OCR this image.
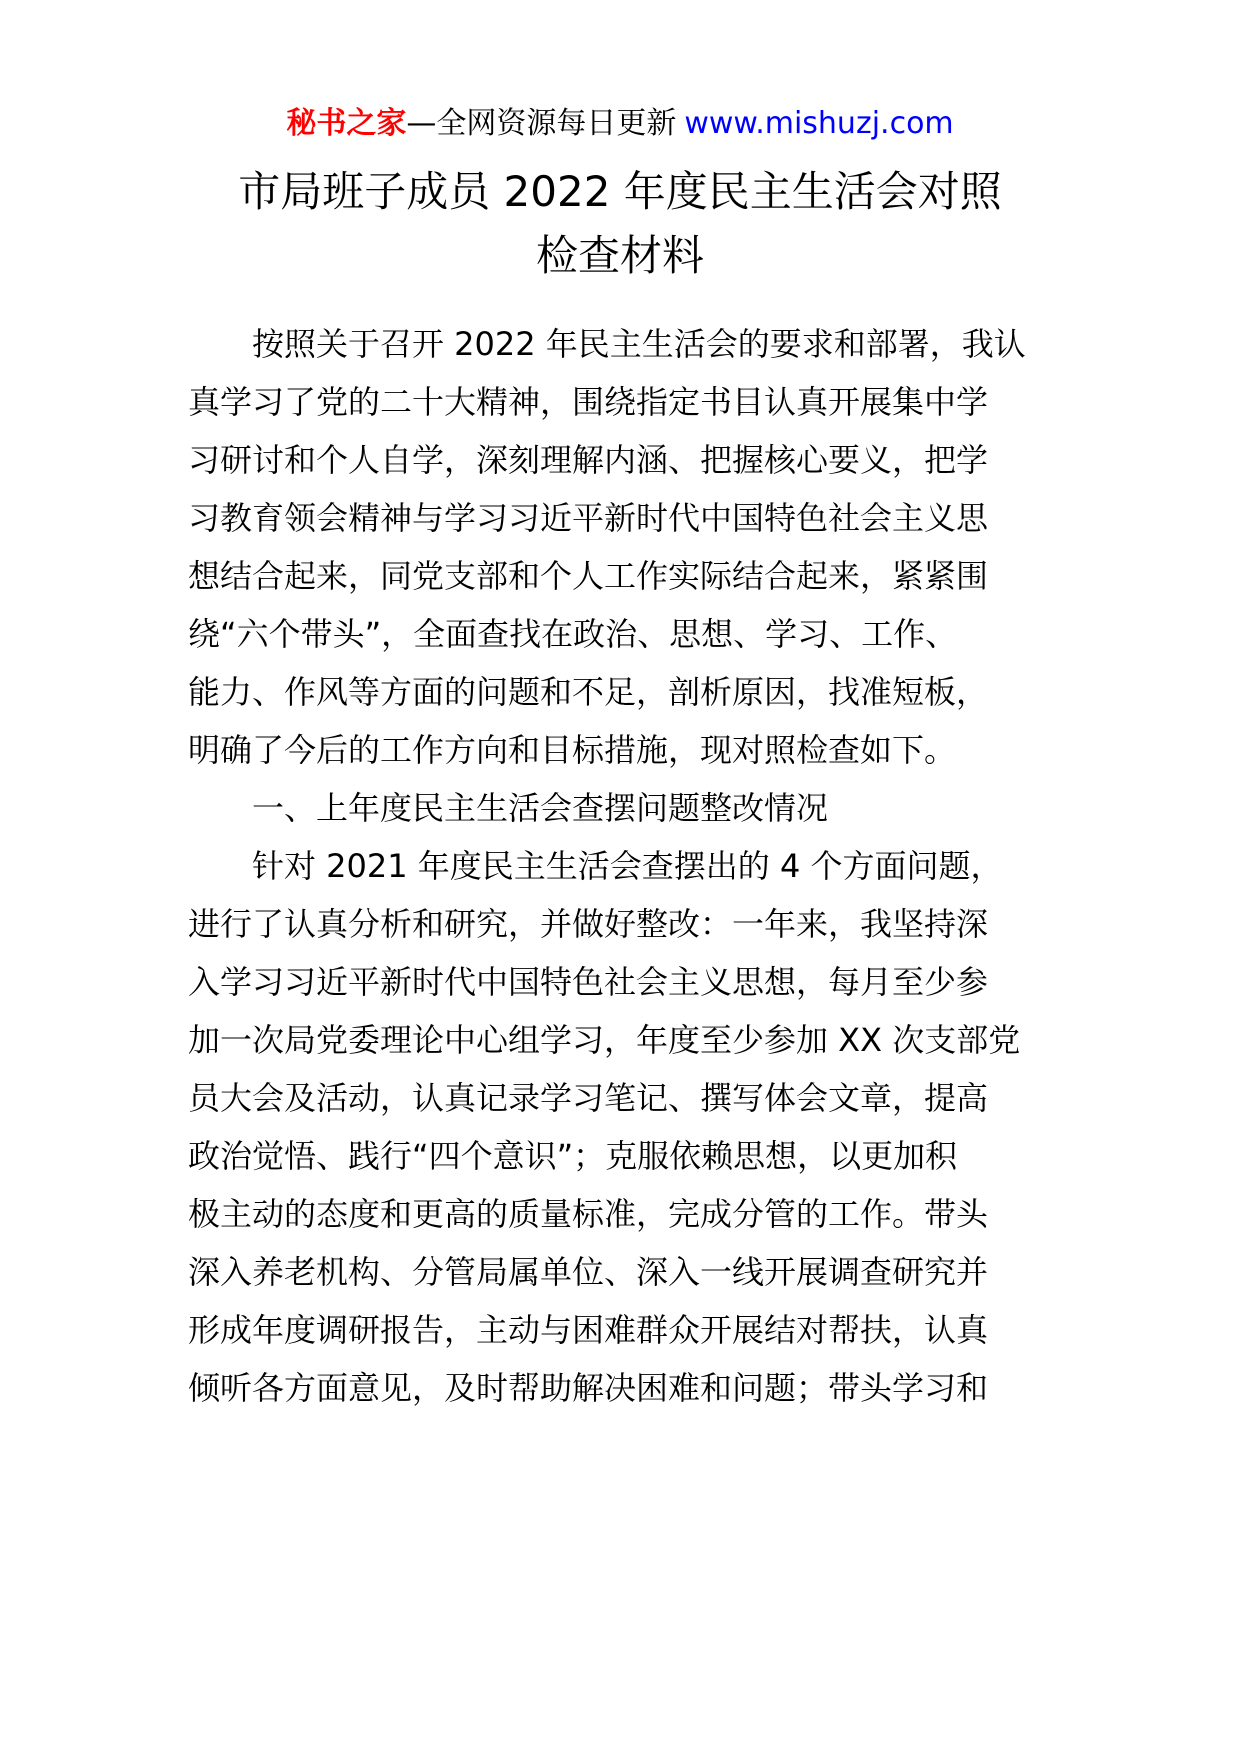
秘书之家—全网资源每日更新 www.mishuzj.com
市局班子成员 2022 年度民主生活会对照
检查材料
　　按照关于召开 2022 年民主生活会的要求和部署，我认
真学习了党的二十大精神，围绕指定书目认真开展集中学
习研讨和个人自学，深刻理解内涵、把握核心要义，把学
习教育领会精神与学习习近平新时代中国特色社会主义思
想结合起来，同党支部和个人工作实际结合起来，紧紧围
绕“六个带头”，全面查找在政治、思想、学习、工作、
能力、作风等方面的问题和不足，剖析原因，找准短板，
明确了今后的工作方向和目标措施，现对照检查如下。
　　一、上年度民主生活会查摆问题整改情况
　　针对 2021 年度民主生活会查摆出的 4 个方面问题，
进行了认真分析和研究，并做好整改：一年来，我坚持深
入学习习近平新时代中国特色社会主义思想，每月至少参
加一次局党委理论中心组学习，年度至少参加 XX 次支部党
员大会及活动，认真记录学习笔记、撰写体会文章，提高
政治觉悟、践行“四个意识”；克服依赖思想，以更加积
极主动的态度和更高的质量标准，完成分管的工作。带头
深入养老机构、分管局属单位、深入一线开展调查研究并
形成年度调研报告，主动与困难群众开展结对帮扶，认真
倾听各方面意见，及时帮助解决困难和问题；带头学习和
